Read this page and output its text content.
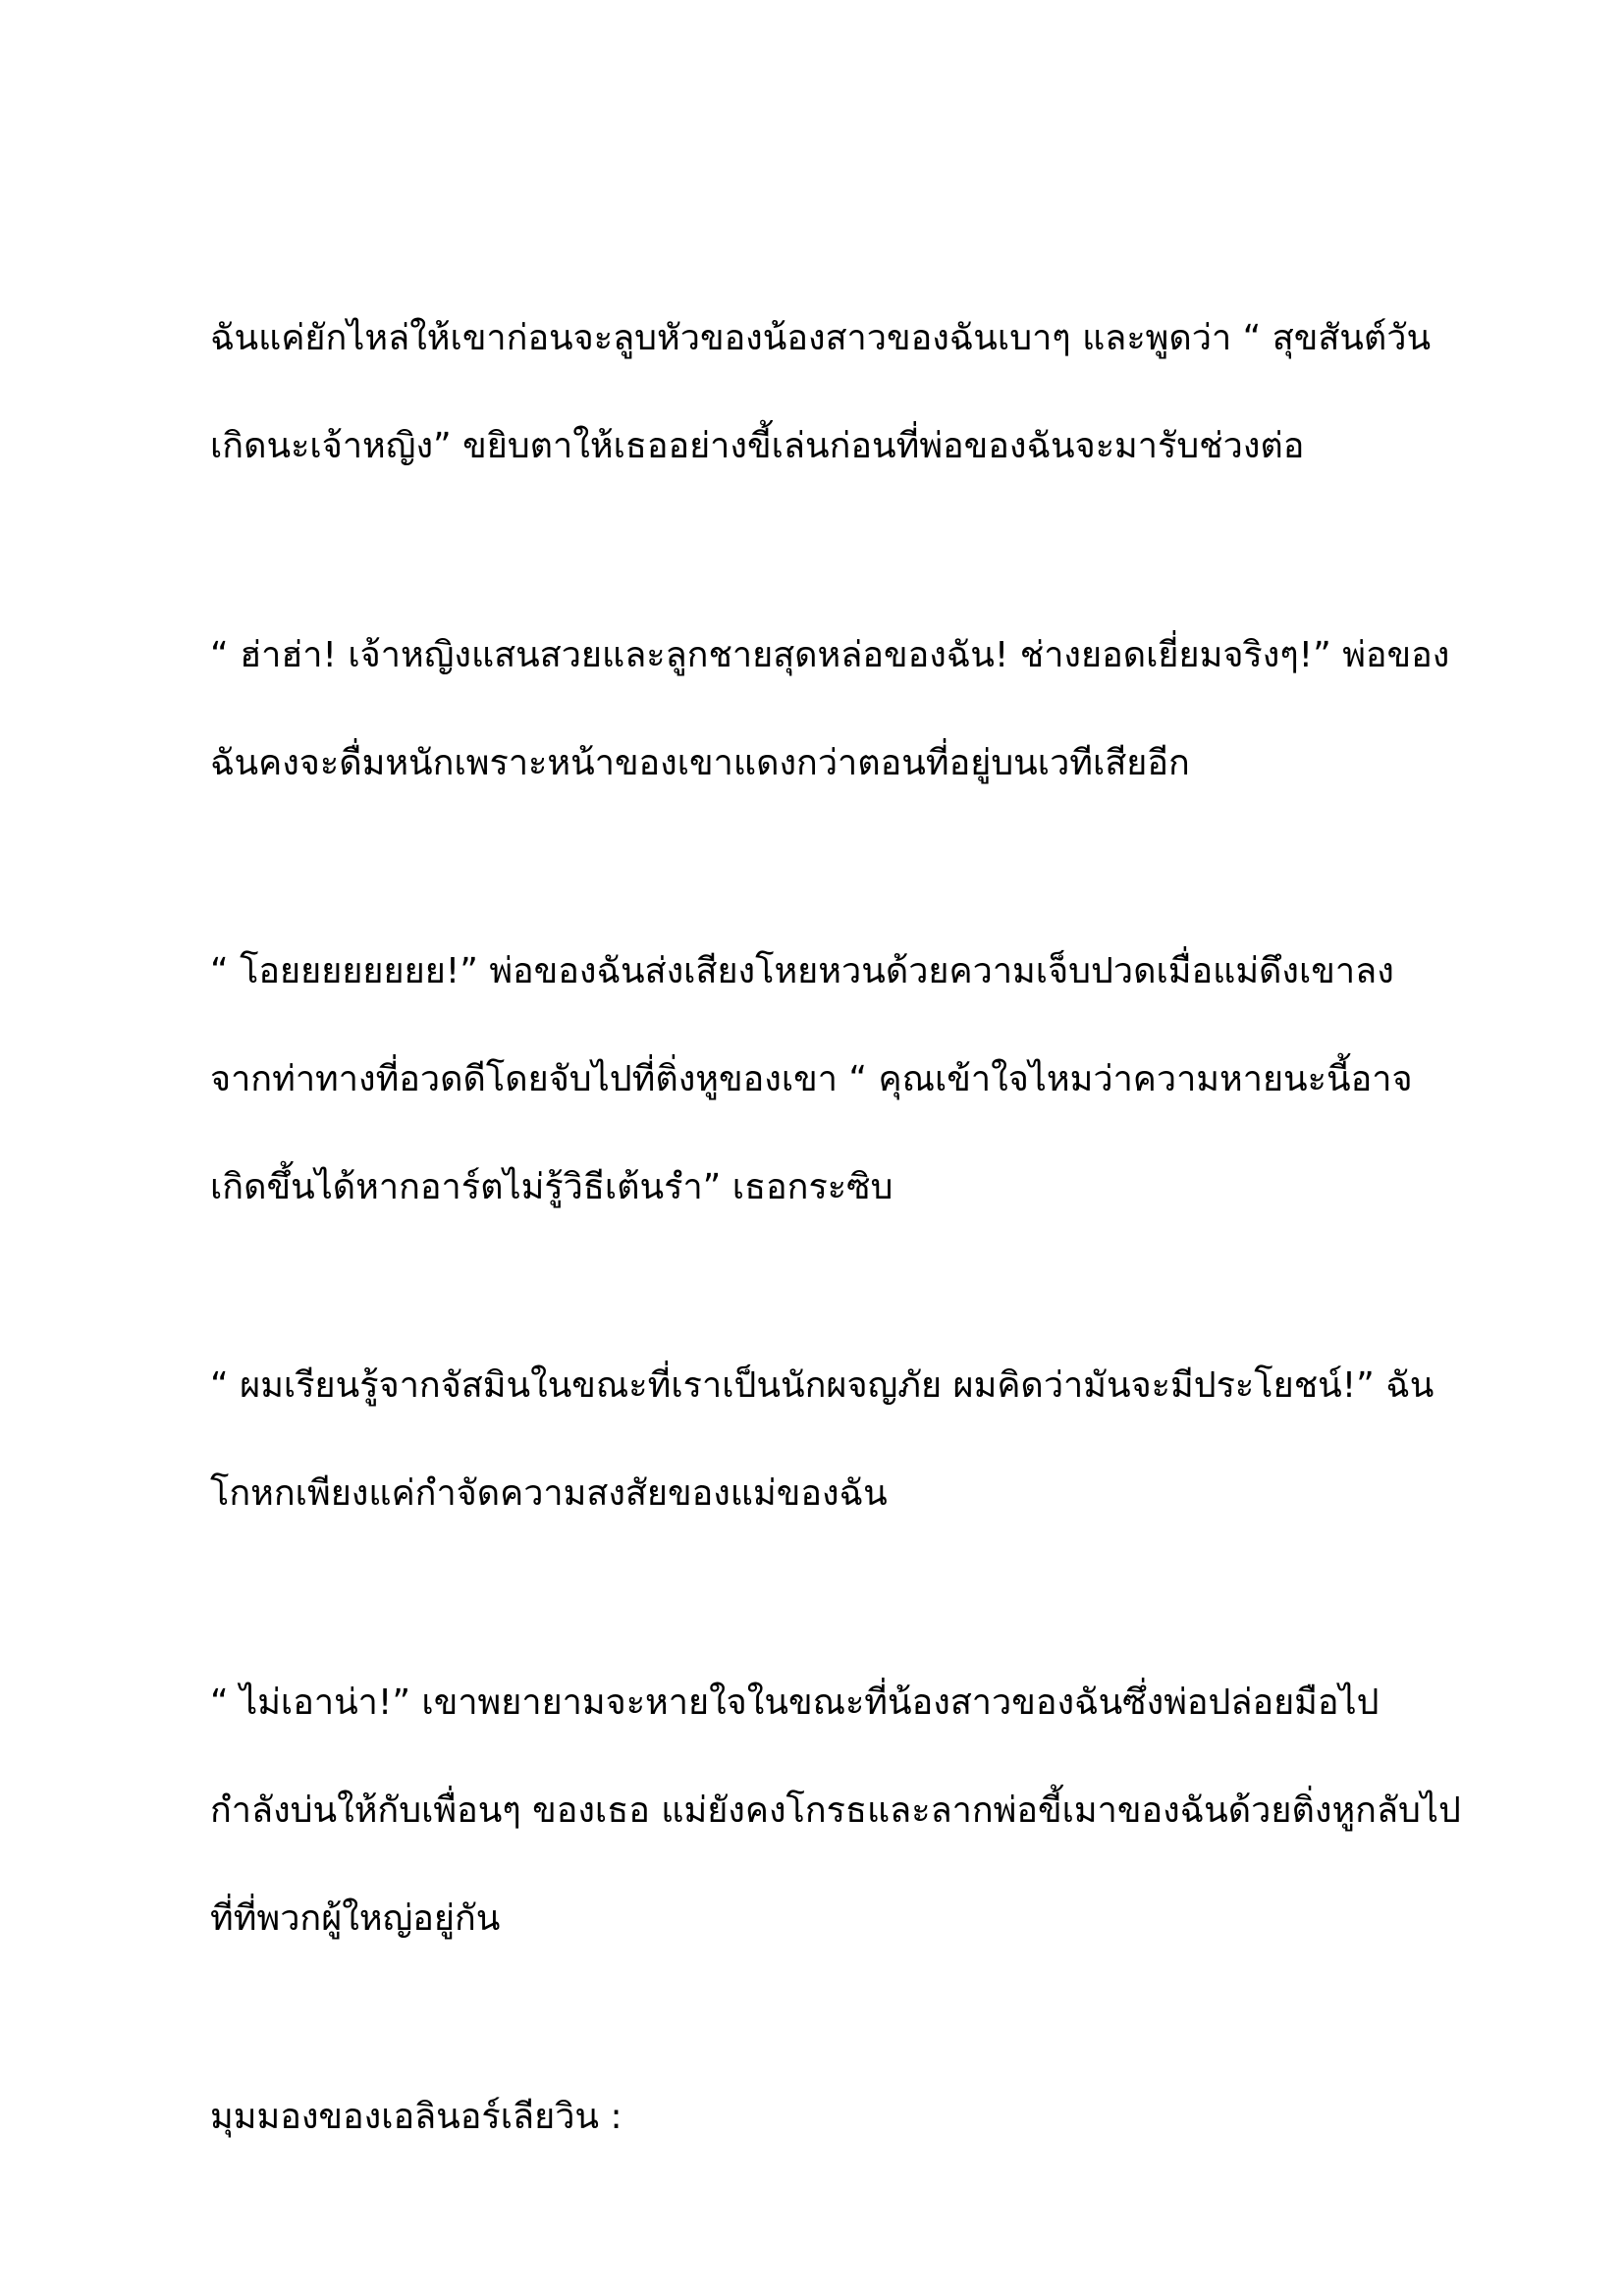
ฉันแค่ยักไหล่ให้เขาก่อนจะลูบหัวของน้องสาวของฉันเบาๆ และพูดว่า “ สุขสันต์วัน
เกิดนะเจ้าหญิง” ขยิบตาให้เธออย่างขี้เล่นก่อนที่พ่อของฉันจะมารับช่วงต่อ
“ ฮ่าฮ่า! เจ้าหญิงแสนสวยและลูกชายสุดหล่อของฉัน! ช่างยอดเยี่ยมจริงๆ!” พ่อของ
ฉันคงจะดื่มหนักเพราะหน้าของเขาแดงกว่าตอนที่อยู่บนเวทีเสียอีก
“ โอยยยยยยยย!” พ่อของฉันส่งเสียงโหยหวนด้วยความเจ็บปวดเมื่อแม่ดึงเขาลง
จากท่าทางที่อวดดีโดยจับไปที่ติ่งหูของเขา “ คุณเข้าใจไหมว่าความหายนะนี้อาจ
เกิดขึ้นได้หากอาร์ตไม่รู้วิธีเต้นรำ” เธอกระซิบ
“ ผมเรียนรู้จากจัสมินในขณะที่เราเป็นนักผจญภัย ผมคิดว่ามันจะมีประโยชน์!” ฉัน
โกหกเพียงแค่กำจัดความสงสัยของแม่ของฉัน
“ ไม่เอาน่า!” เขาพยายามจะหายใจในขณะที่น้องสาวของฉันซึ่งพ่อปล่อยมือไป
กำลังบ่นให้กับเพื่อนๆ ของเธอ แม่ยังคงโกรธและลากพ่อขี้เมาของฉันด้วยติ่งหูกลับไป
ที่ที่พวกผู้ใหญ่อยู่กัน
มุมมองของเอลินอร์เลียวิน :
